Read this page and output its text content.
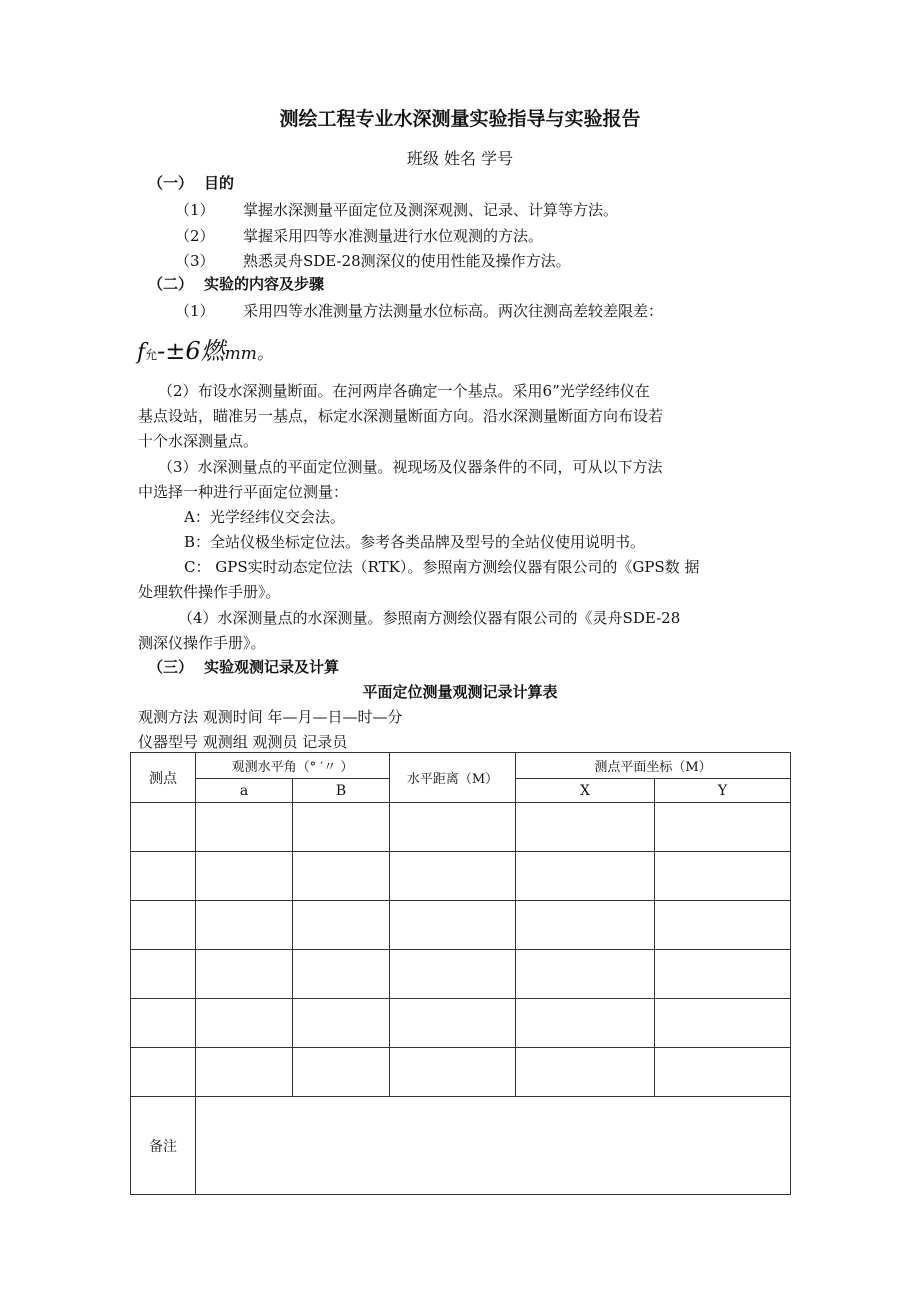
测绘工程专业水深测量实验指导与实验报告
班级 姓名 学号
（一） 目的
（1） 掌握水深测量平面定位及测深观测、记录、计算等方法。
（2） 掌握采用四等水准测量进行水位观测的方法。
（3） 熟悉灵舟SDE-28测深仪的使用性能及操作方法。
（二） 实验的内容及步骤
（1） 采用四等水准测量方法测量水位标高。两次往测高差较差限差：
f允-±6燃mm。
（2）布设水深测量断面。在河两岸各确定一个基点。采用6”光学经纬仪在
基点设站，瞄准另一基点，标定水深测量断面方向。沿水深测量断面方向布设若
十个水深测量点。
（3）水深测量点的平面定位测量。视现场及仪器条件的不同，可从以下方法
中选择一种进行平面定位测量：
A：光学经纬仪交会法。
B：全站仪极坐标定位法。参考各类品牌及型号的全站仪使用说明书。
C： GPS实时动态定位法（RTK）。参照南方测绘仪器有限公司的《GPS数 据
处理软件操作手册》。
（4）水深测量点的水深测量。参照南方测绘仪器有限公司的《灵舟SDE-28
测深仪操作手册》。
（三） 实验观测记录及计算
平面定位测量观测记录计算表
观测方法 观测时间 年—月—日—时—分
仪器型号 观测组 观测员 记录员
测点	观测水平角（° ′〃 ）		水平距离（M）	测点平面坐标（M）	
	a	B		X	Y

备注					
